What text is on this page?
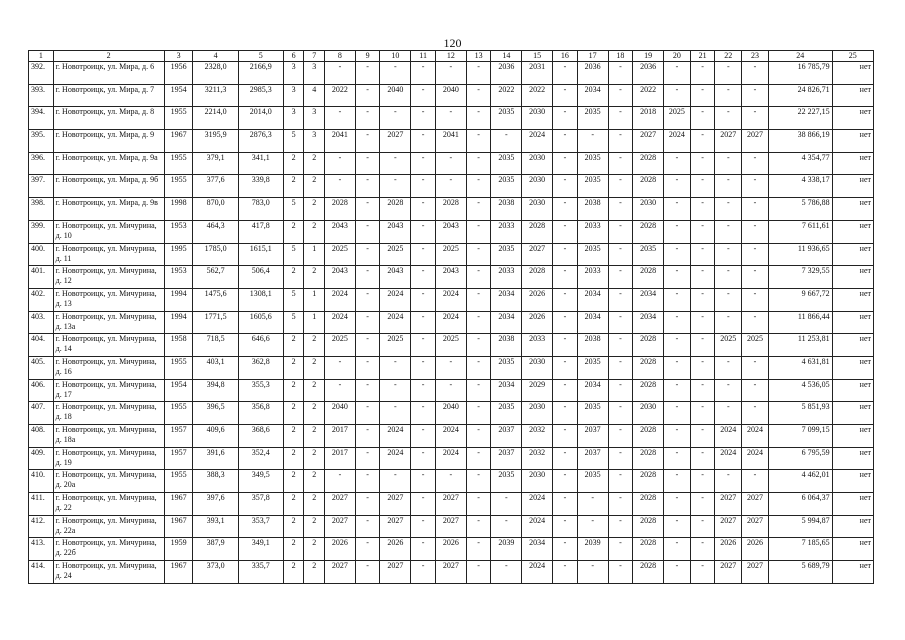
120
1	2	3	4	5	6	7	8	9	10	11	12	13	14	15	16	17	18	19	20	21	22	23	24	25
392.	г. Новотроицк, ул. Мира, д. 6	1956	2328,0	2166,9	3	3	-	-	-	-	-	-	2036	2031	-	2036	-	2036	-	-	-	-	16 785,79	нет
393.	г. Новотроицк, ул. Мира, д. 7	1954	3211,3	2985,3	3	4	2022	-	2040	-	2040	-	2022	2022	-	2034	-	2022	-	-	-	-	24 826,71	нет
394.	г. Новотроицк, ул. Мира, д. 8	1955	2214,0	2014,0	3	3	-	-	-	-	-	-	2035	2030	-	2035	-	2018	2025	-	-	-	22 227,15	нет
395.	г. Новотроицк, ул. Мира, д. 9	1967	3195,9	2876,3	5	3	2041	-	2027	-	2041	-	-	2024	-	-	-	2027	2024	-	2027	2027	38 866,19	нет
396.	г. Новотроицк, ул. Мира, д. 9а	1955	379,1	341,1	2	2	-	-	-	-	-	-	2035	2030	-	2035	-	2028	-	-	-	-	4 354,77	нет
397.	г. Новотроицк, ул. Мира, д. 9б	1955	377,6	339,8	2	2	-	-	-	-	-	-	2035	2030	-	2035	-	2028	-	-	-	-	4 338,17	нет
398.	г. Новотроицк, ул. Мира, д. 9в	1998	870,0	783,0	5	2	2028	-	2028	-	2028	-	2038	2030	-	2038	-	2030	-	-	-	-	5 786,88	нет
399.	г. Новотроицк, ул. Мичурина, д. 10	1953	464,3	417,8	2	2	2043	-	2043	-	2043	-	2033	2028	-	2033	-	2028	-	-	-	-	7 611,61	нет
400.	г. Новотроицк, ул. Мичурина, д. 11	1995	1785,0	1615,1	5	1	2025	-	2025	-	2025	-	2035	2027	-	2035	-	2035	-	-	-	-	11 936,65	нет
401.	г. Новотроицк, ул. Мичурина, д. 12	1953	562,7	506,4	2	2	2043	-	2043	-	2043	-	2033	2028	-	2033	-	2028	-	-	-	-	7 329,55	нет
402.	г. Новотроицк, ул. Мичурина, д. 13	1994	1475,6	1308,1	5	1	2024	-	2024	-	2024	-	2034	2026	-	2034	-	2034	-	-	-	-	9 667,72	нет
403.	г. Новотроицк, ул. Мичурина, д. 13а	1994	1771,5	1605,6	5	1	2024	-	2024	-	2024	-	2034	2026	-	2034	-	2034	-	-	-	-	11 866,44	нет
404.	г. Новотроицк, ул. Мичурина, д. 14	1958	718,5	646,6	2	2	2025	-	2025	-	2025	-	2038	2033	-	2038	-	2028	-	-	2025	2025	11 253,81	нет
405.	г. Новотроицк, ул. Мичурина, д. 16	1955	403,1	362,8	2	2	-	-	-	-	-	-	2035	2030	-	2035	-	2028	-	-	-	-	4 631,81	нет
406.	г. Новотроицк, ул. Мичурина, д. 17	1954	394,8	355,3	2	2	-	-	-	-	-	-	2034	2029	-	2034	-	2028	-	-	-	-	4 536,05	нет
407.	г. Новотроицк, ул. Мичурина, д. 18	1955	396,5	356,8	2	2	2040	-	-	-	2040	-	2035	2030	-	2035	-	2030	-	-	-	-	5 851,93	нет
408.	г. Новотроицк, ул. Мичурина, д. 18а	1957	409,6	368,6	2	2	2017	-	2024	-	2024	-	2037	2032	-	2037	-	2028	-	-	2024	2024	7 099,15	нет
409.	г. Новотроицк, ул. Мичурина, д. 19	1957	391,6	352,4	2	2	2017	-	2024	-	2024	-	2037	2032	-	2037	-	2028	-	-	2024	2024	6 795,59	нет
410.	г. Новотроицк, ул. Мичурина, д. 20а	1955	388,3	349,5	2	2	-	-	-	-	-	-	2035	2030	-	2035	-	2028	-	-	-	-	4 462,01	нет
411.	г. Новотроицк, ул. Мичурина, д. 22	1967	397,6	357,8	2	2	2027	-	2027	-	2027	-	-	2024	-	-	-	2028	-	-	2027	2027	6 064,37	нет
412.	г. Новотроицк, ул. Мичурина, д. 22а	1967	393,1	353,7	2	2	2027	-	2027	-	2027	-	-	2024	-	-	-	2028	-	-	2027	2027	5 994,87	нет
413.	г. Новотроицк, ул. Мичурина, д. 22б	1959	387,9	349,1	2	2	2026	-	2026	-	2026	-	2039	2034	-	2039	-	2028	-	-	2026	2026	7 185,65	нет
414.	г. Новотроицк, ул. Мичурина, д. 24	1967	373,0	335,7	2	2	2027	-	2027	-	2027	-	-	2024	-	-	-	2028	-	-	2027	2027	5 689,79	нет
